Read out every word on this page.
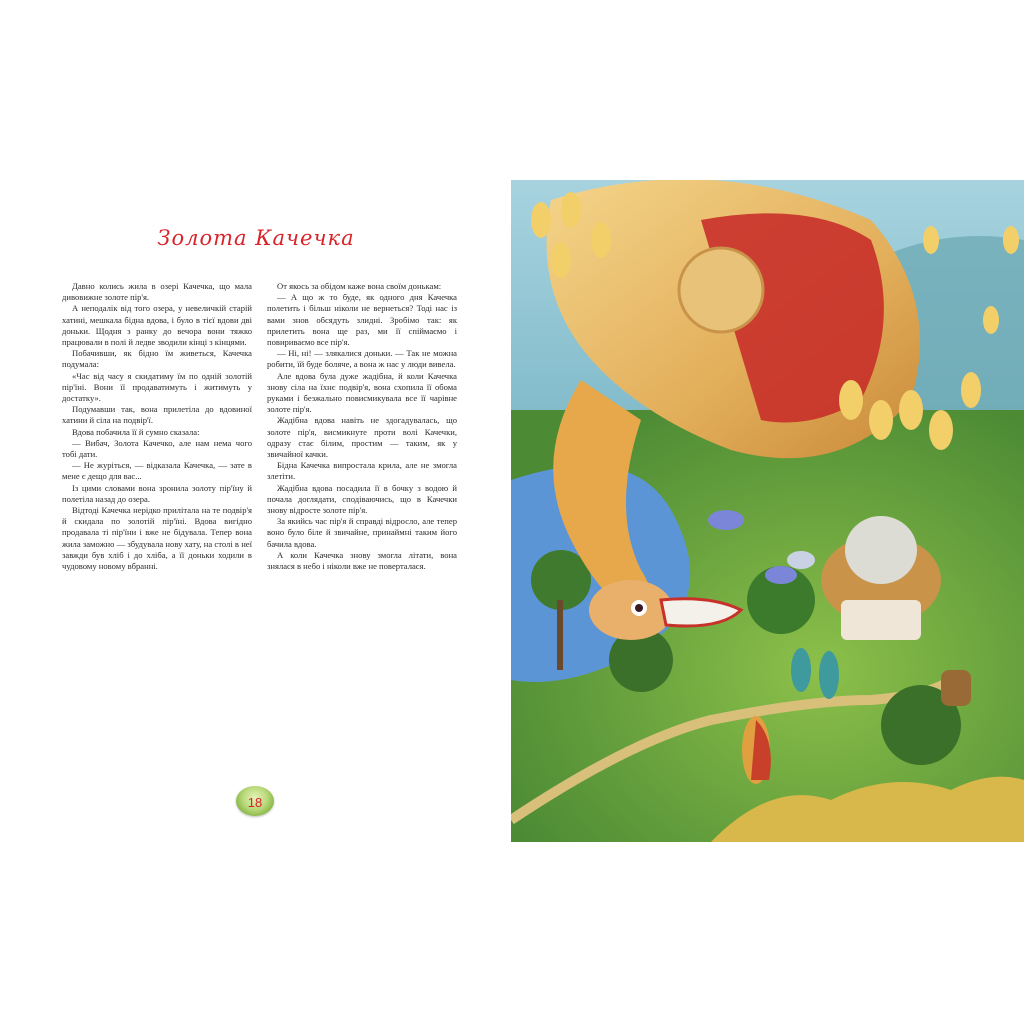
Золота Качечка

Давно колись жила в озері Качечка, що мала дивовижне золоте пір'я.

А неподалік від того озера, у невеличкій старій хатині, мешкала бідна вдова, і було в тієї вдови дві доньки. Щодня з ранку до вечора вони тяжко працювали в полі й ледве зводили кінці з кінцями.

Побачивши, як бідно їм живеться, Качечка подумала:

«Час від часу я скидатиму їм по одній золотій пір'їні. Вони її продаватимуть і житимуть у достатку».

Подумавши так, вона прилетіла до вдовиної хатини й сіла на подвір'ї.

Вдова побачила її й сумно сказала:

— Вибач, Золота Качечко, але нам нема чого тобі дати.

— Не журіться, — відказала Качечка, — зате в мене є дещо для вас...

Із цими словами вона зронила золоту пір'їну й полетіла назад до озера.

Відтоді Качечка нерідко прилітала на те подвір'я й скидала по золотій пір'їні. Вдова вигідно продавала ті пір'їни і вже не бідувала. Тепер вона жила заможно — збудувала нову хату, на столі в неї завжди був хліб і до хліба, а її доньки ходили в чудовому новому вбранні.

От якось за обідом каже вона своїм донькам:

— А що ж то буде, як одного дня Качечка полетить і більш ніколи не вернеться? Тоді нас із вами знов обсядуть злидні. Зробімо так: як прилетить вона ще раз, ми її спіймаємо і повириваємо все пір'я.

— Ні, ні! — злякалися доньки. — Так не можна робити, їй буде боляче, а вона ж нас у люди вивела.

Але вдова була дуже жадібна, й коли Качечка знову сіла на їхнє подвір'я, вона схопила її обома руками і безжально повисмикувала все її чарівне золоте пір'я.

Жадібна вдова навіть не здогадувалась, що золоте пір'я, висмикнуте проти волі Качечки, одразу стає білим, простим — таким, як у звичайної качки.

Бідна Качечка випростала крила, але не змогла злетіти.

Жадібна вдова посадила її в бочку з водою й почала доглядати, сподіваючись, що в Качечки знову відросте золоте пір'я.

За якийсь час пір'я й справді відросло, але тепер воно було біле й звичайне, принаймні таким його бачила вдова.

А коли Качечка знову змогла літати, вона знялася в небо і ніколи вже не поверталася.

18
